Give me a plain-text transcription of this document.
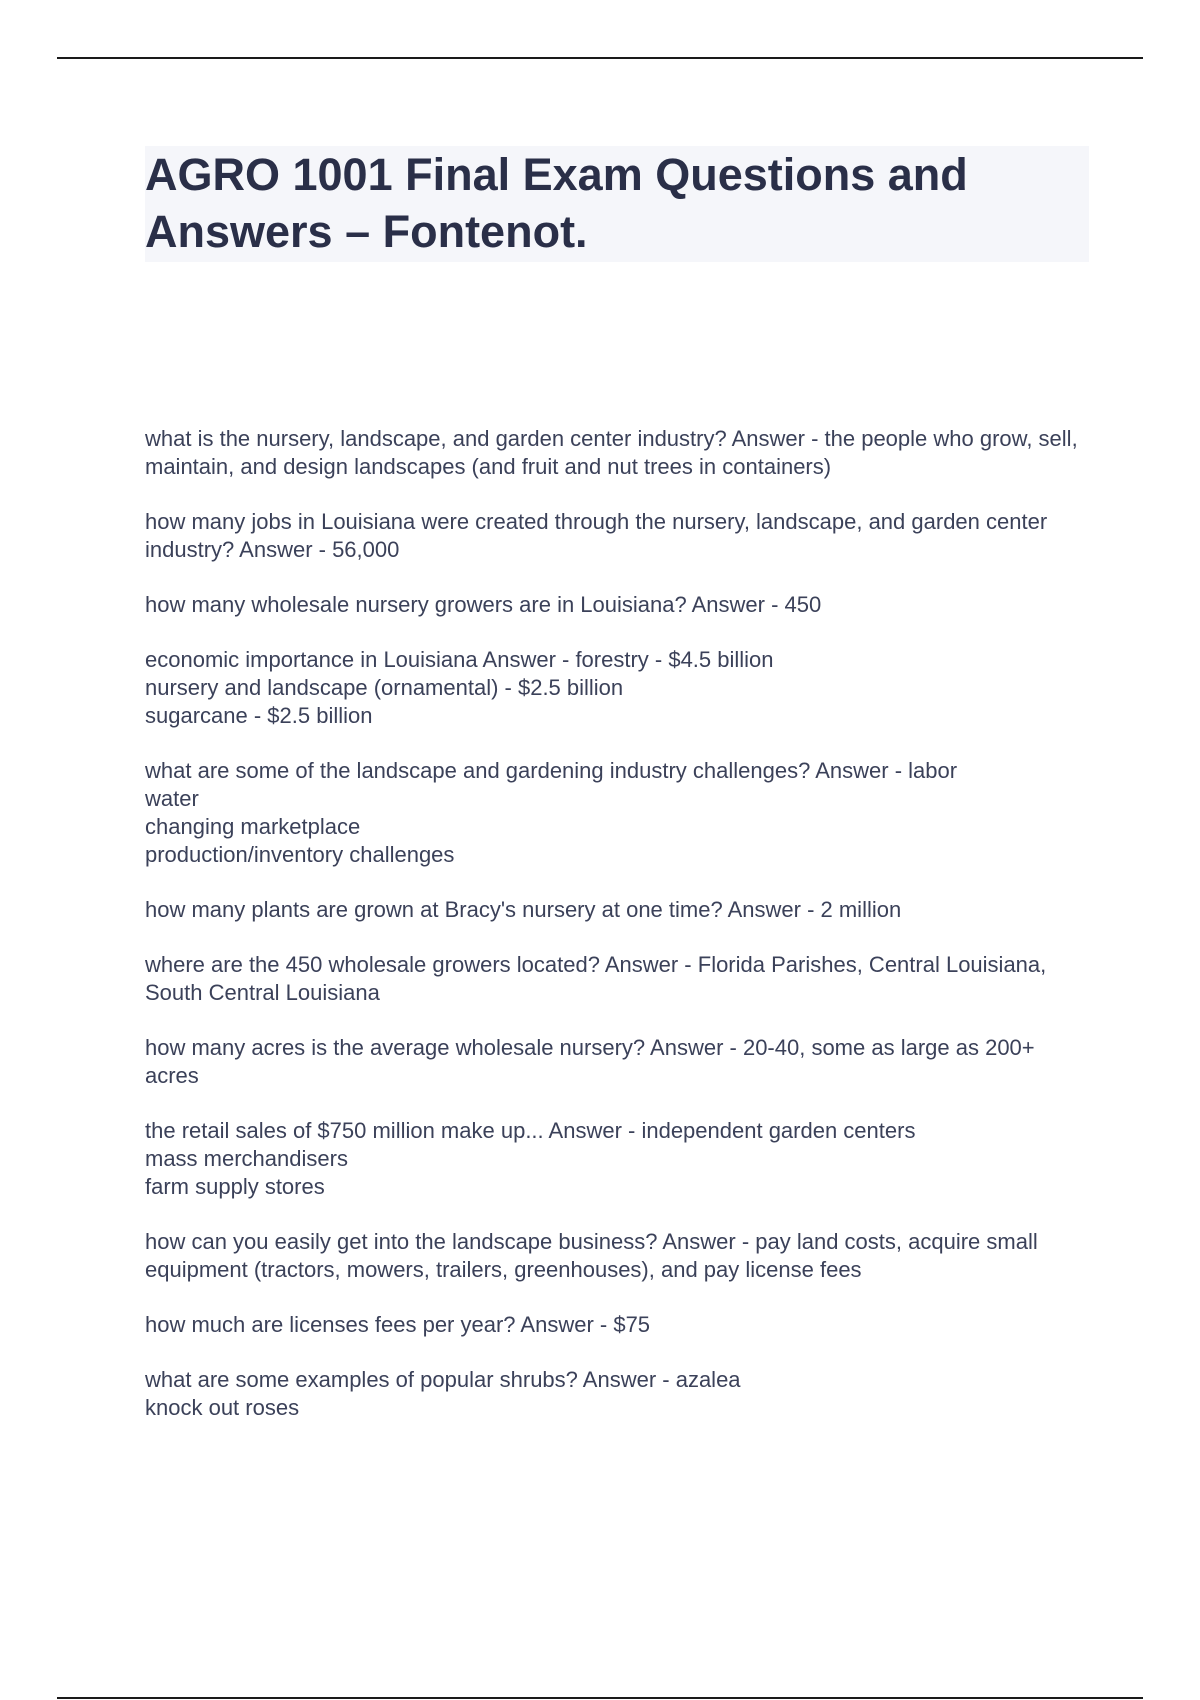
AGRO 1001 Final Exam Questions and Answers – Fontenot.

what is the nursery, landscape, and garden center industry? Answer - the people who grow, sell, maintain, and design landscapes (and fruit and nut trees in containers)

how many jobs in Louisiana were created through the nursery, landscape, and garden center industry? Answer - 56,000

how many wholesale nursery growers are in Louisiana? Answer - 450

economic importance in Louisiana Answer - forestry - $4.5 billion
nursery and landscape (ornamental) - $2.5 billion
sugarcane - $2.5 billion

what are some of the landscape and gardening industry challenges? Answer - labor
water
changing marketplace
production/inventory challenges

how many plants are grown at Bracy's nursery at one time? Answer - 2 million

where are the 450 wholesale growers located? Answer - Florida Parishes, Central Louisiana, South Central Louisiana

how many acres is the average wholesale nursery? Answer - 20-40, some as large as 200+ acres

the retail sales of $750 million make up... Answer - independent garden centers
mass merchandisers
farm supply stores

how can you easily get into the landscape business? Answer - pay land costs, acquire small equipment (tractors, mowers, trailers, greenhouses), and pay license fees

how much are licenses fees per year? Answer - $75

what are some examples of popular shrubs? Answer - azalea
knock out roses
